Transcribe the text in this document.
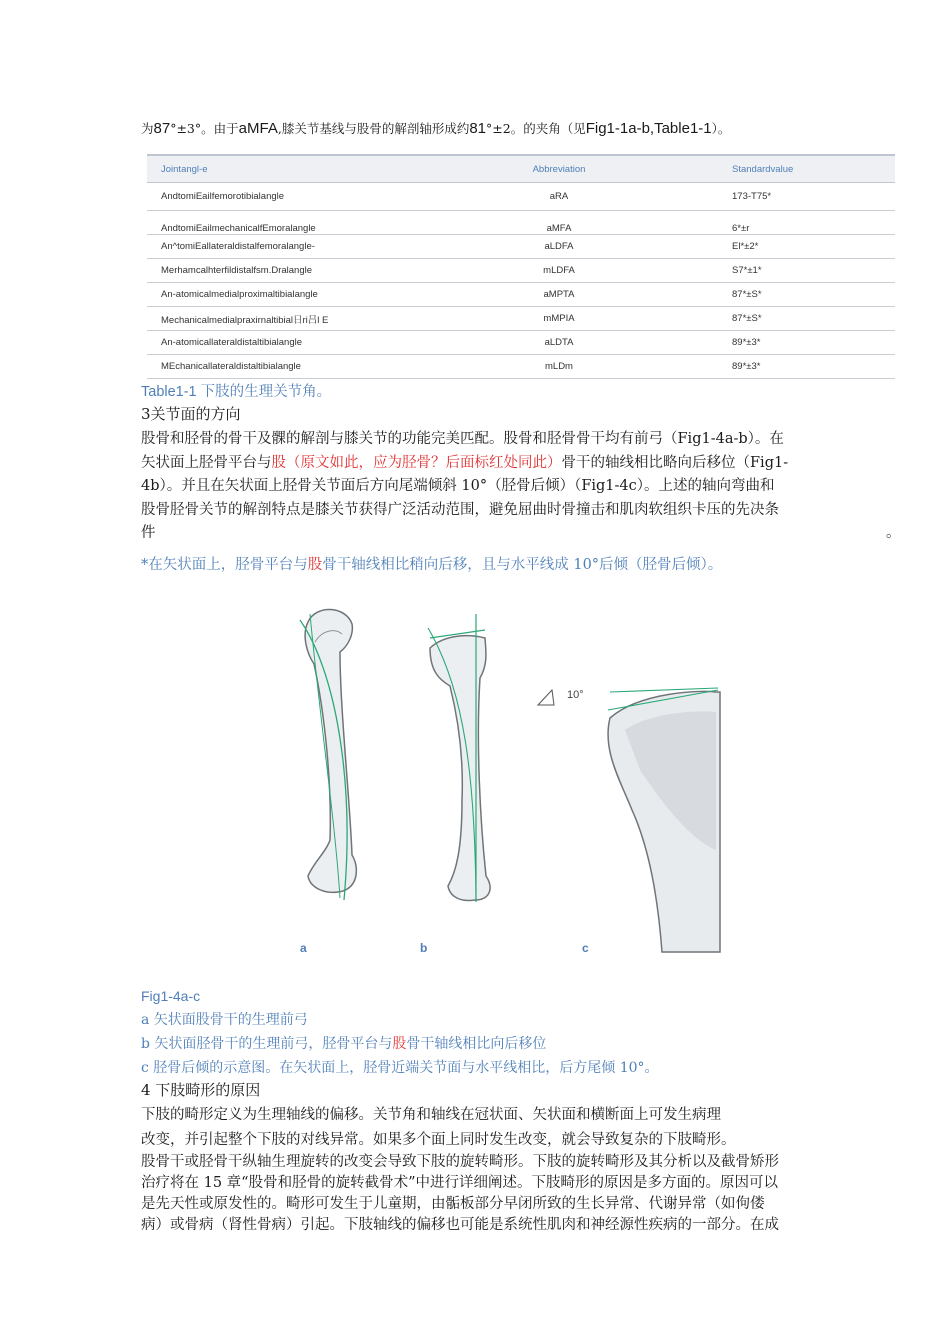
为87°±3°。由于aMFA,膝关节基线与股骨的解剖轴形成约81°±2。的夹角（见Fig1-1a-b,Table1-1）。
Jointangl-e	Abbreviation	Standardvalue
AndtomiEailfemorotibialangle	aRA	173-T75*
AndtomiEailmechanicalfEmoralangle	aMFA	6*±r
An^tomiEallateraldistalfemoralangle-	aLDFA	El*±2*
Merhamcalhterfildistalfsm.Dralangle	mLDFA	S7*±1*
An-atomicalmedialproximaltibialangle	aMPTA	87*±S*
Mechanicalmedialpraxirnaltibial日ri吕l E	mMPIA	87*±S*
An-atomicallateraldistaltibialangle	aLDTA	89*±3*
MEchanicallateraldistaltibialangle	mLDm	89*±3*
Table1-1 下肢的生理关节角。
3关节面的方向
股骨和胫骨的骨干及髁的解剖与膝关节的功能完美匹配。股骨和胫骨骨干均有前弓（Fig1-4a-b）。在
矢状面上胫骨平台与股（原文如此，应为胫骨？后面标红处同此）骨干的轴线相比略向后移位（Fig1-
4b）。并且在矢状面上胫骨关节面后方向尾端倾斜 10°（胫骨后倾）（Fig1-4c）。上述的轴向弯曲和
股骨胫骨关节的解剖特点是膝关节获得广泛活动范围，避免屈曲时骨撞击和肌肉软组织卡压的先决条
件	。
*在矢状面上，胫骨平台与股骨干轴线相比稍向后移，且与水平线成 10°后倾（胫骨后倾）。
10°
a	b	c
Fig1-4a-c
a 矢状面股骨干的生理前弓
b 矢状面胫骨干的生理前弓，胫骨平台与股骨干轴线相比向后移位
c 胫骨后倾的示意图。在矢状面上，胫骨近端关节面与水平线相比，后方尾倾 10°。
4 下肢畸形的原因
下肢的畸形定义为生理轴线的偏移。关节角和轴线在冠状面、矢状面和横断面上可发生病理
改变，并引起整个下肢的对线异常。如果多个面上同时发生改变，就会导致复杂的下肢畸形。
股骨干或胫骨干纵轴生理旋转的改变会导致下肢的旋转畸形。下肢的旋转畸形及其分析以及截骨矫形
治疗将在 15 章“股骨和胫骨的旋转截骨术”中进行详细阐述。下肢畸形的原因是多方面的。原因可以
是先天性或原发性的。畸形可发生于儿童期，由骺板部分早闭所致的生长异常、代谢异常（如佝偻
病）或骨病（肾性骨病）引起。下肢轴线的偏移也可能是系统性肌肉和神经源性疾病的一部分。在成
